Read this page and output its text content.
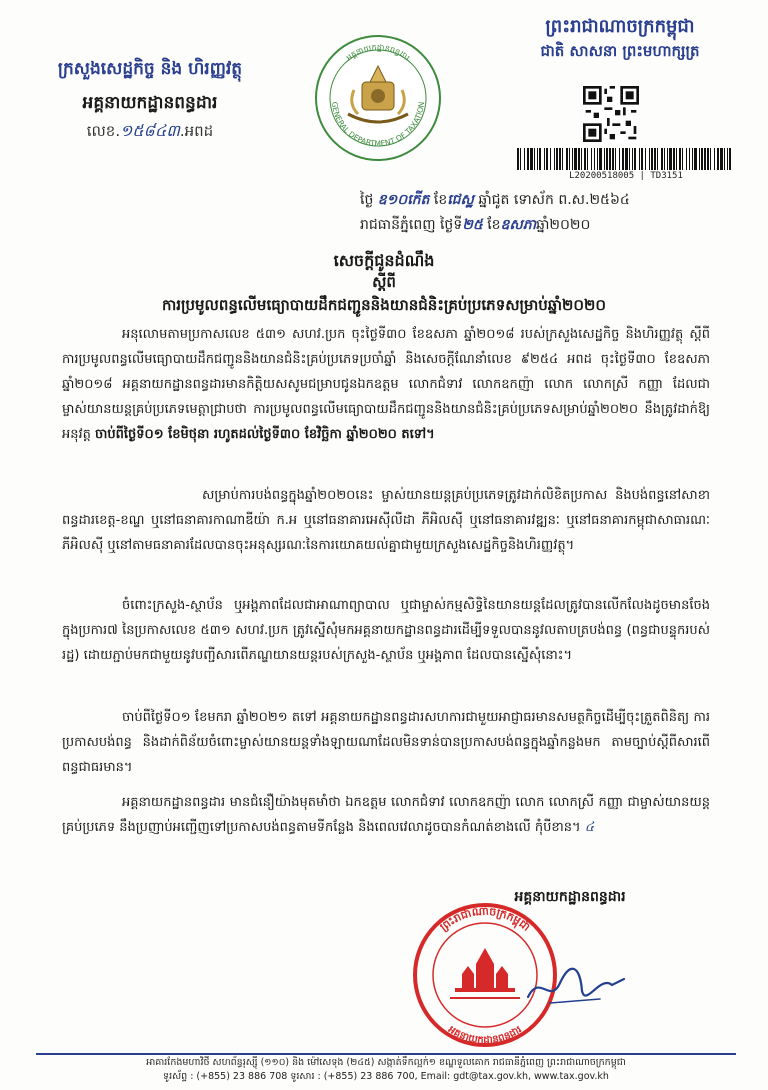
ក្រសួងសេដ្ឋកិច្ច និង ហិរញ្ញវត្ថុ
អគ្គនាយកដ្ឋានពន្ធដារ
លេខ.១៥៨៤៣.អពដ
GENERAL DEPARTMENT OF TAXATION
អគ្គនាយកដ្ឋានពន្ធដារ
ព្រះរាជាណាចក្រកម្ពុជា
ជាតិ សាសនា ព្រះមហាក្សត្រ
L20200518005 | TD3151
ថ្ងៃ ឧ១០កើត ខែជេស្ឋ ឆ្នាំជូត ទោស័ក ព.ស.២៥៦៤
រាជធានីភ្នំពេញ ថ្ងៃទី២៥ ខែឧសភាឆ្នាំ២០២០
សេចក្ដីជូនដំណឹង
ស្ដីពី
ការប្រមូលពន្ធលើមធ្យោបាយដឹកជញ្ជូននិងយានជំនិះគ្រប់ប្រភេទសម្រាប់ឆ្នាំ២០២០
អនុលោមតាមប្រកាសលេខ ៥៣១ សហវ.ប្រក ចុះថ្ងៃទី៣០ ខែឧសភា ឆ្នាំ២០១៨ របស់ក្រសួងសេដ្ឋកិច្ច និងហិរញ្ញវត្ថុ ស្ដីពីការប្រមូលពន្ធលើមធ្យោបាយដឹកជញ្ជូននិងយានជំនិះគ្រប់ប្រភេទប្រចាំឆ្នាំ និងសេចក្ដីណែនាំលេខ ៩២៥៤ អពដ ចុះថ្ងៃទី៣០ ខែឧសភា ឆ្នាំ២០១៨ អគ្គនាយកដ្ឋានពន្ធដារមានកិត្តិយសសូមជម្រាបជូនឯកឧត្តម លោកជំទាវ លោកឧកញ៉ា លោក លោកស្រី កញ្ញា ដែលជាម្ចាស់យានយន្តគ្រប់ប្រភេទមេត្តាជ្រាបថា ការប្រមូលពន្ធលើមធ្យោបាយដឹកជញ្ជូននិងយានជំនិះគ្រប់ប្រភេទសម្រាប់ឆ្នាំ២០២០ នឹងត្រូវដាក់ឱ្យអនុវត្ត ចាប់ពីថ្ងៃទី០១ ខែមិថុនា រហូតដល់ថ្ងៃទី៣០ ខែវិច្ឆិកា ឆ្នាំ២០២០ តទៅ។
សម្រាប់ការបង់ពន្ធក្នុងឆ្នាំ២០២០នេះ ម្ចាស់យានយន្តគ្រប់ប្រភេទត្រូវដាក់លិខិតប្រកាស និងបង់ពន្ធនៅសាខាពន្ធដារខេត្ត-ខណ្ឌ ឬនៅធនាគារកាណាឌីយ៉ា ក.អ ឬនៅធនាគារអេស៊ីលីដា ភីអិលស៊ី ឬនៅធនាគារវឌ្ឍនៈ ឬនៅធនាគារកម្ពុជាសាធារណៈ ភីអិលស៊ី ឬនៅតាមធនាគារដែលបានចុះអនុស្សរណៈនៃការយោគយល់គ្នាជាមួយក្រសួងសេដ្ឋកិច្ចនិងហិរញ្ញវត្ថុ។
ចំពោះក្រសួង-ស្ថាប័ន ឬអង្គភាពដែលជាអាណាព្យាបាល ឬជាម្ចាស់កម្មសិទ្ធិនៃយានយន្តដែលត្រូវបានលើកលែងដូចមានចែងក្នុងប្រការ៧ នៃប្រកាសលេខ ៥៣១ សហវ.ប្រក ត្រូវស្នើសុំមកអគ្គនាយកដ្ឋានពន្ធដារដើម្បីទទួលបាននូវលតាបត្របង់ពន្ធ (ពន្ធជាបន្ទុករបស់រដ្ឋ) ដោយភ្ជាប់មកជាមួយនូវបញ្ជីសារពើភណ្ឌយានយន្តរបស់ក្រសួង-ស្ថាប័ន ឬអង្គភាព ដែលបានស្នើសុំនោះ។
ចាប់ពីថ្ងៃទី០១ ខែមករា ឆ្នាំ២០២១ តទៅ អគ្គនាយកដ្ឋានពន្ធដារសហការជាមួយអាជ្ញាធរមានសមត្ថកិច្ចដើម្បីចុះត្រួតពិនិត្យ ការប្រកាសបង់ពន្ធ និងដាក់ពិន័យចំពោះម្ចាស់យានយន្តទាំងឡាយណាដែលមិនទាន់បានប្រកាសបង់ពន្ធក្នុងឆ្នាំកន្លងមក តាមច្បាប់ស្ដីពីសារពើពន្ធជាធរមាន។
អគ្គនាយកដ្ឋានពន្ធដារ មានជំនឿយ៉ាងមុតមាំថា ឯកឧត្តម លោកជំទាវ លោកឧកញ៉ា លោក លោកស្រី កញ្ញា ជាម្ចាស់យានយន្តគ្រប់ប្រភេទ នឹងប្រញាប់អញ្ជើញទៅប្រកាសបង់ពន្ធតាមទីកន្លែង និងពេលវេលាដូចបានកំណត់ខាងលើ កុំបីខាន។ ៤
អគ្គនាយកដ្ឋានពន្ធដារ
ព្រះរាជាណាចក្រកម្ពុជា
អគ្គនាយកដ្ឋានពន្ធដារ
អាគារកែងមហាវិថី សហព័ន្ធរុស្ស៊ី (១១០) និង ម៉ៅសេទុង (២៤៥) សង្កាត់ទឹកល្អក់១ ខណ្ឌទួលគោក រាជធានីភ្នំពេញ ព្រះរាជាណាចក្រកម្ពុជា
ទូរស័ព្ទ : (+855) 23 886 708 ទូរសារ : (+855) 23 886 700, Email: gdt@tax.gov.kh, www.tax.gov.kh
